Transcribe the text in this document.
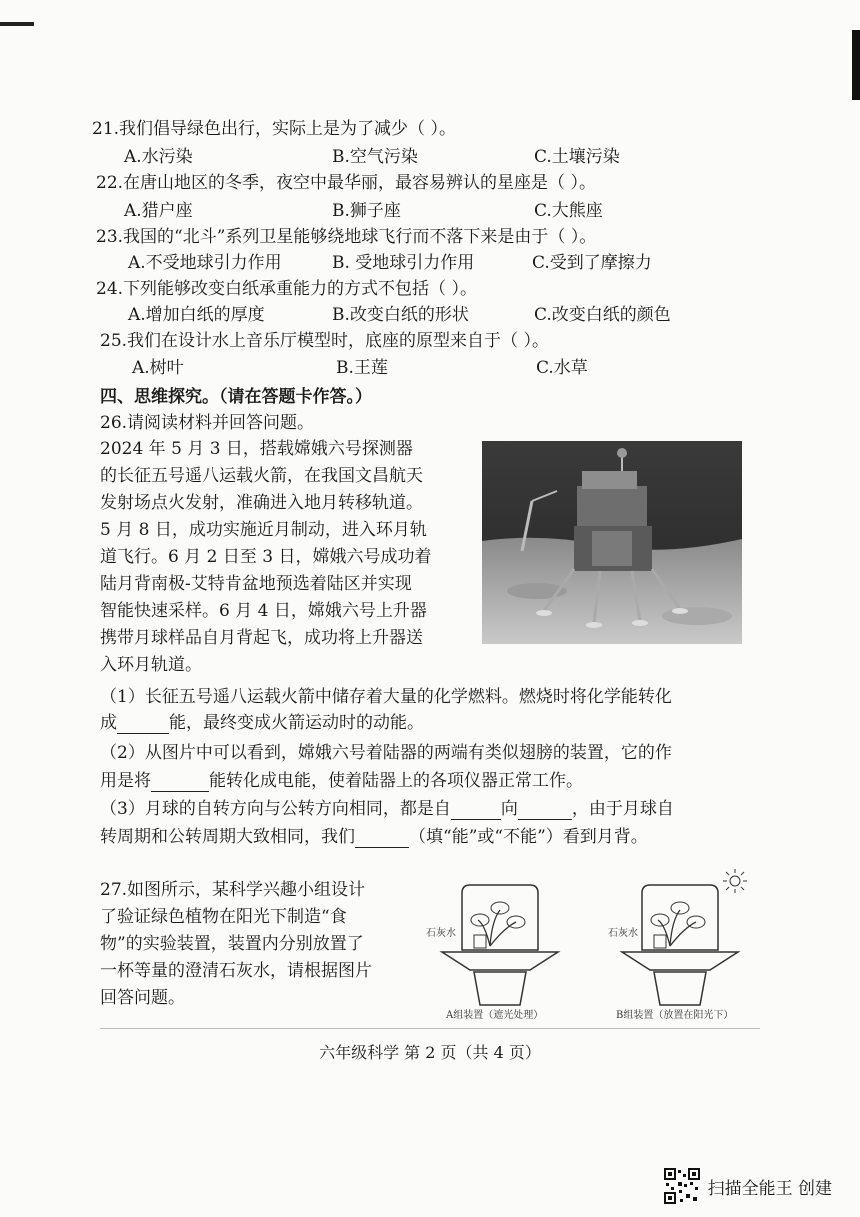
21.我们倡导绿色出行，实际上是为了减少（ ）。
A.水污染	B.空气污染	C.土壤污染
22.在唐山地区的冬季，夜空中最华丽，最容易辨认的星座是（ ）。
A.猎户座	B.狮子座	C.大熊座
23.我国的“北斗”系列卫星能够绕地球飞行而不落下来是由于（ ）。
A.不受地球引力作用	B. 受地球引力作用	C.受到了摩擦力
24.下列能够改变白纸承重能力的方式不包括（ ）。
A.增加白纸的厚度	B.改变白纸的形状	C.改变白纸的颜色
25.我们在设计水上音乐厅模型时，底座的原型来自于（ ）。
A.树叶	B.王莲	C.水草
四、思维探究。（请在答题卡作答。）
26.请阅读材料并回答问题。
2024 年 5 月 3 日，搭载嫦娥六号探测器
的长征五号遥八运载火箭，在我国文昌航天
发射场点火发射，准确进入地月转移轨道。
5 月 8 日，成功实施近月制动，进入环月轨
道飞行。6 月 2 日至 3 日，嫦娥六号成功着
陆月背南极-艾特肯盆地预选着陆区并实现
智能快速采样。6 月 4 日，嫦娥六号上升器
携带月球样品自月背起飞，成功将上升器送
入环月轨道。
（1）长征五号遥八运载火箭中储存着大量的化学燃料。燃烧时将化学能转化
成	能，最终变成火箭运动时的动能。
（2）从图片中可以看到，嫦娥六号着陆器的两端有类似翅膀的装置，它的作
用是将	能转化成电能，使着陆器上的各项仪器正常工作。
（3）月球的自转方向与公转方向相同，都是自	向	，由于月球自
转周期和公转周期大致相同，我们	（填“能”或“不能”）看到月背。
27.如图所示，某科学兴趣小组设计
了验证绿色植物在阳光下制造“食
物”的实验装置，装置内分别放置了
一杯等量的澄清石灰水，请根据图片
回答问题。
石灰水
A组装置（遮光处理）
石灰水
B组装置（放置在阳光下）
六年级科学 第 2 页（共 4 页）
扫描全能王 创建
